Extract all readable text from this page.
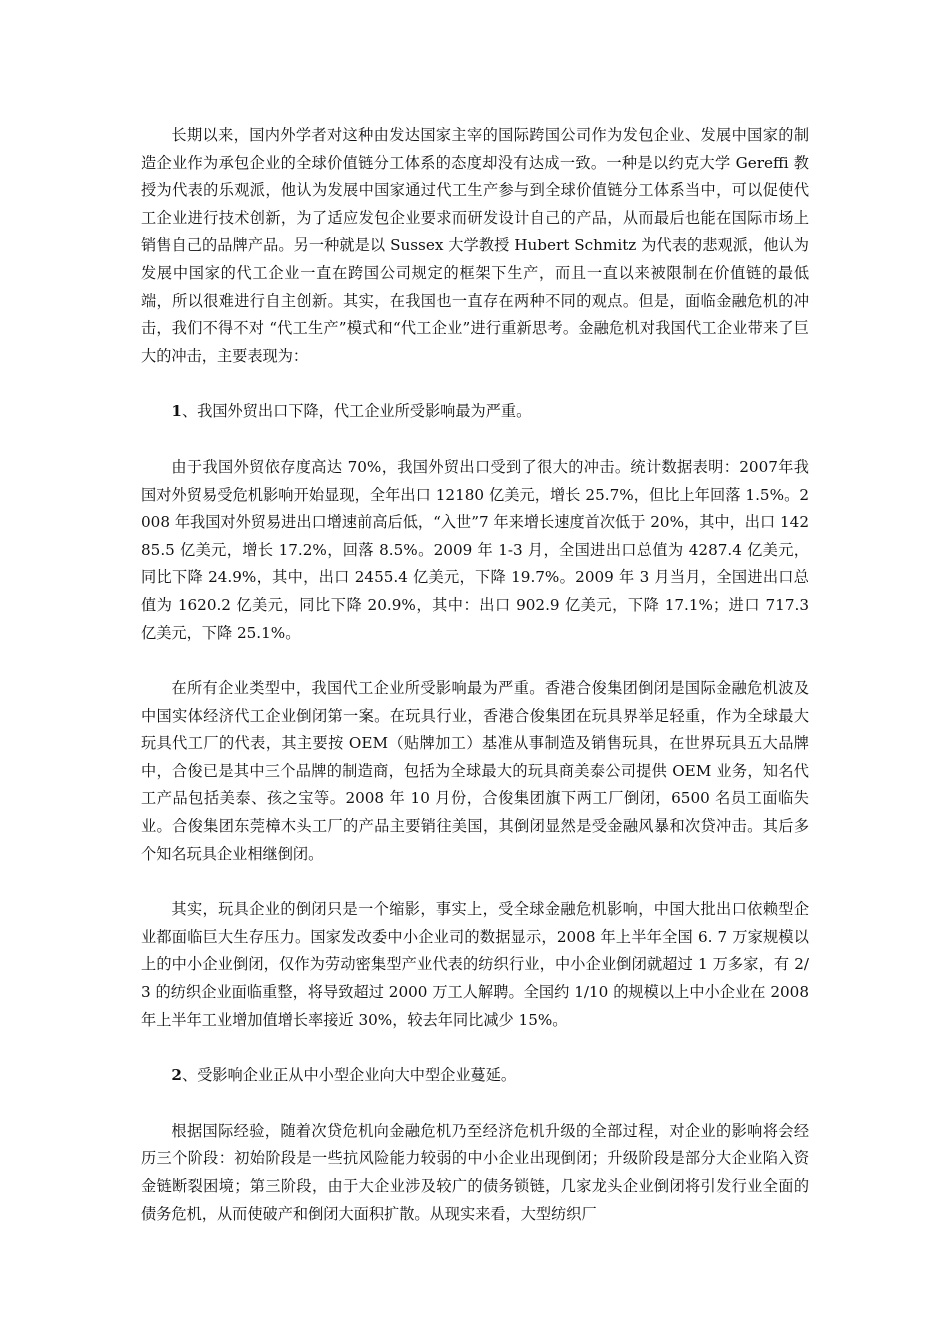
长期以来，国内外学者对这种由发达国家主宰的国际跨国公司作为发包企业、发展中国家的制造企业作为承包企业的全球价值链分工体系的态度却没有达成一致。一种是以约克大学 Gereffi 教授为代表的乐观派，他认为发展中国家通过代工生产参与到全球价值链分工体系当中，可以促使代工企业进行技术创新，为了适应发包企业要求而研发设计自己的产品，从而最后也能在国际市场上销售自己的品牌产品。另一种就是以 Sussex 大学教授 Hubert Schmitz 为代表的悲观派，他认为发展中国家的代工企业一直在跨国公司规定的框架下生产，而且一直以来被限制在价值链的最低端，所以很难进行自主创新。其实，在我国也一直存在两种不同的观点。但是，面临金融危机的冲击，我们不得不对 “代工生产”模式和“代工企业”进行重新思考。金融危机对我国代工企业带来了巨大的冲击，主要表现为：

1、我国外贸出口下降，代工企业所受影响最为严重。

由于我国外贸依存度高达 70%，我国外贸出口受到了很大的冲击。统计数据表明：2007年我国对外贸易受危机影响开始显现，全年出口 12180 亿美元，增长 25.7%，但比上年回落 1.5%。2008 年我国对外贸易进出口增速前高后低，“入世”7 年来增长速度首次低于 20%，其中，出口 14285.5 亿美元，增长 17.2%，回落 8.5%。2009 年 1-3 月，全国进出口总值为 4287.4 亿美元，同比下降 24.9%，其中，出口 2455.4 亿美元，下降 19.7%。2009 年 3 月当月，全国进出口总值为 1620.2 亿美元，同比下降 20.9%，其中：出口 902.9 亿美元，下降 17.1%；进口 717.3 亿美元，下降 25.1%。

在所有企业类型中，我国代工企业所受影响最为严重。香港合俊集团倒闭是国际金融危机波及中国实体经济代工企业倒闭第一案。在玩具行业，香港合俊集团在玩具界举足轻重，作为全球最大玩具代工厂的代表，其主要按 OEM（贴牌加工）基准从事制造及销售玩具，在世界玩具五大品牌中，合俊已是其中三个品牌的制造商，包括为全球最大的玩具商美泰公司提供 OEM 业务，知名代工产品包括美泰、孩之宝等。2008 年 10 月份，合俊集团旗下两工厂倒闭，6500 名员工面临失业。合俊集团东莞樟木头工厂的产品主要销往美国，其倒闭显然是受金融风暴和次贷冲击。其后多个知名玩具企业相继倒闭。

其实，玩具企业的倒闭只是一个缩影，事实上，受全球金融危机影响，中国大批出口依赖型企业都面临巨大生存压力。国家发改委中小企业司的数据显示，2008 年上半年全国 6. 7 万家规模以上的中小企业倒闭，仅作为劳动密集型产业代表的纺织行业，中小企业倒闭就超过 1 万多家，有 2/3 的纺织企业面临重整，将导致超过 2000 万工人解聘。全国约 1/10 的规模以上中小企业在 2008 年上半年工业增加值增长率接近 30%，较去年同比减少 15%。

2、受影响企业正从中小型企业向大中型企业蔓延。

根据国际经验，随着次贷危机向金融危机乃至经济危机升级的全部过程，对企业的影响将会经历三个阶段：初始阶段是一些抗风险能力较弱的中小企业出现倒闭；升级阶段是部分大企业陷入资金链断裂困境；第三阶段，由于大企业涉及较广的债务锁链，几家龙头企业倒闭将引发行业全面的债务危机，从而使破产和倒闭大面积扩散。从现实来看，大型纺织厂
